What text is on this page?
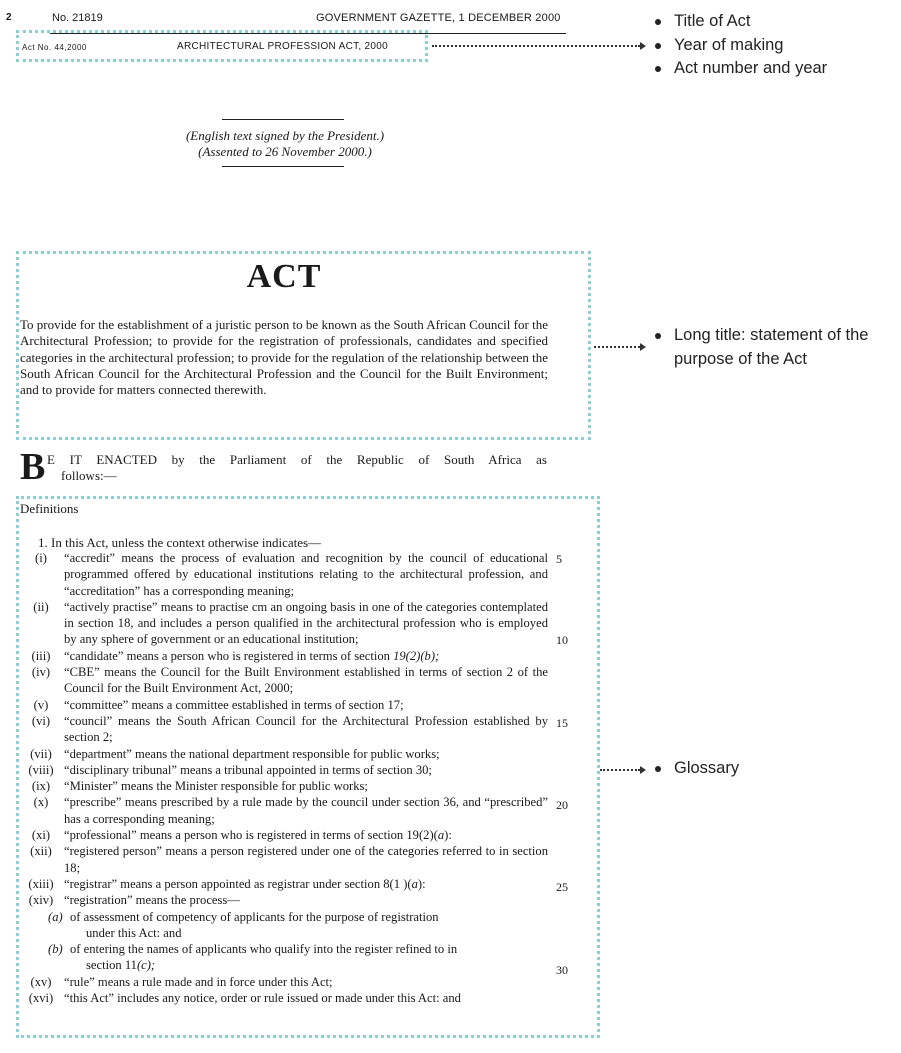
2	No. 21819	GOVERNMENT GAZETTE, 1 DECEMBER 2000
Act No. 44,2000	ARCHITECTURAL PROFESSION ACT, 2000
(English text signed by the President.)
(Assented to 26 November 2000.)
ACT
To provide for the establishment of a juristic person to be known as the South African Council for the Architectural Profession; to provide for the registration of professionals, candidates and specified categories in the architectural profession; to provide for the regulation of the relationship between the South African Council for the Architectural Profession and the Council for the Built Environment; and to provide for matters connected therewith.
B E IT ENACTED by the Parliament of the Republic of South Africa as
follows:—
Definitions
1. In this Act, unless the context otherwise indicates—
(i)	“accredit” means the process of evaluation and recognition by the council of educational programmed offered by educational institutions relating to the architectural profession, and “accreditation” has a corresponding meaning;
(ii)	“actively practise” means to practise cm an ongoing basis in one of the categories contemplated in section 18, and includes a person qualified in the architectural profession who is employed by any sphere of government or an educational institution;
(iii)	“candidate” means a person who is registered in terms of section 19(2)(b);
(iv)	“CBE” means the Council for the Built Environment established in terms of section 2 of the Council for the Built Environment Act, 2000;
(v)	“committee” means a committee established in terms of section 17;
(vi)	“council” means the South African Council for the Architectural Profession established by section 2;
(vii) “department” means the national department responsible for public works;
(viii) “disciplinary tribunal” means a tribunal appointed in terms of section 30;
(ix)	“Minister” means the Minister responsible for public works;
(x)	“prescribe” means prescribed by a rule made by the council under section 36, and “prescribed” has a corresponding meaning;
(xi)	“professional” means a person who is registered in terms of section 19(2)(a):
(xii) “registered person” means a person registered under one of the categories referred to in section 18;
(xiii) “registrar” means a person appointed as registrar under section 8(1 )(a):
(xiv) “registration” means the process—
(a) of assessment of competency of applicants for the purpose of registration
under this Act: and
(b) of entering the names of applicants who qualify into the register refined to in
section 11(c);
(xv) “rule” means a rule made and in force under this Act;
(xvi) “this Act” includes any notice, order or rule issued or made under this Act: and
5
10
15
20
25
30
Title of Act
Year of making
Act number and year
Long title: statement of the purpose of the Act
Glossary
